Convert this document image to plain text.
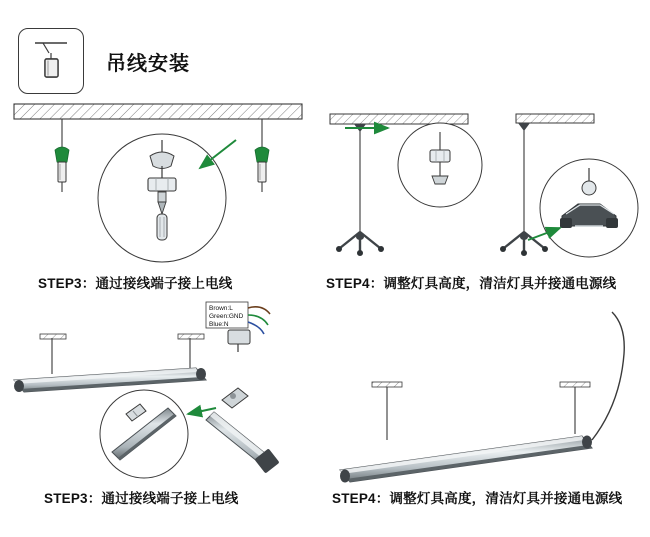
吊线安装
STEP3：通过接线端子接上电线	STEP4：调整灯具高度，清洁灯具并接通电源线
STEP3：通过接线端子接上电线	STEP4：调整灯具高度，清洁灯具并接通电源线
Brown:L
Green:GND
Blue:N
